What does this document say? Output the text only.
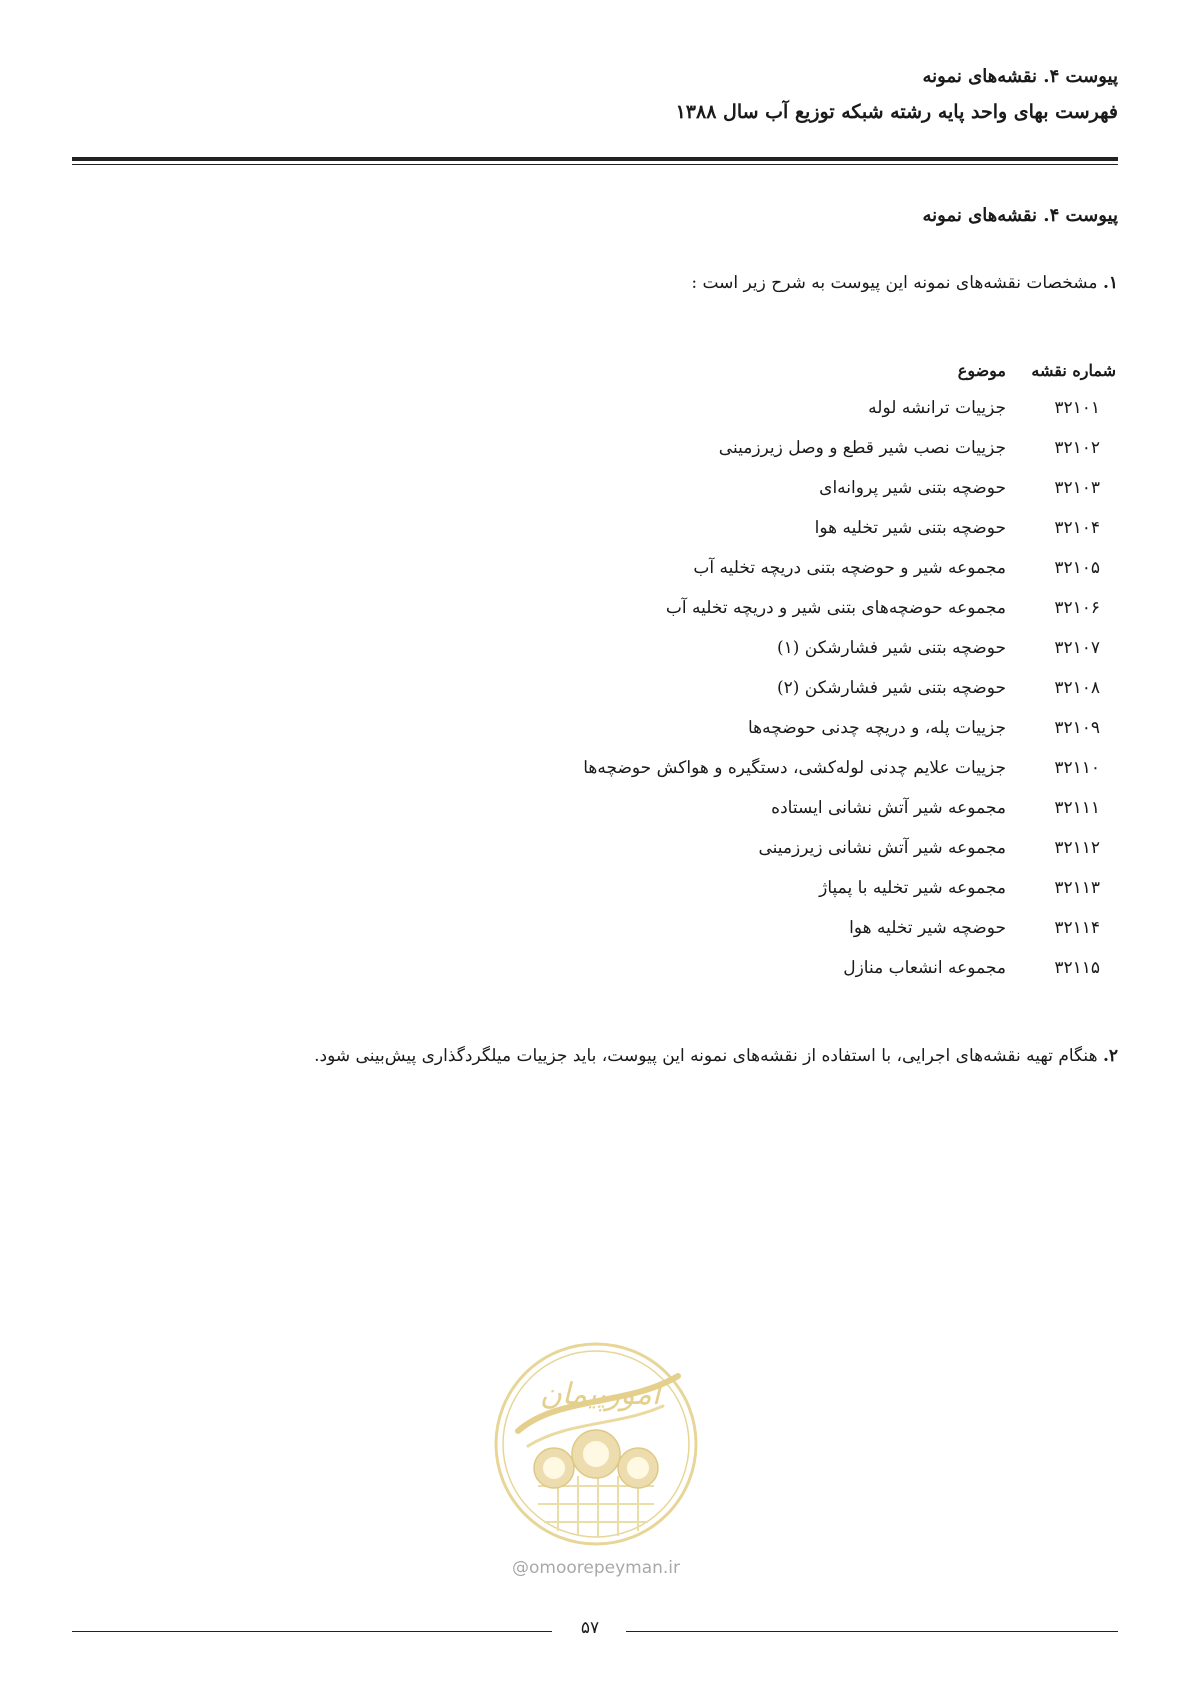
پیوست ۴. نقشه‌های نمونه
فهرست بهای واحد پایه رشته شبکه توزیع آب سال ۱۳۸۸
پیوست ۴. نقشه‌های نمونه
۱. مشخصات نقشه‌های نمونه این پیوست به شرح زیر است :
شماره نقشه	موضوع
۳۲۱۰۱	جزییات ترانشه لوله
۳۲۱۰۲	جزییات نصب شیر قطع و وصل زیرزمینی
۳۲۱۰۳	حوضچه بتنی شیر پروانه‌ای
۳۲۱۰۴	حوضچه بتنی شیر تخلیه هوا
۳۲۱۰۵	مجموعه شیر و حوضچه بتنی دریچه تخلیه آب
۳۲۱۰۶	مجموعه حوضچه‌های بتنی شیر و دریچه تخلیه آب
۳۲۱۰۷	حوضچه بتنی شیر فشارشکن (۱)
۳۲۱۰۸	حوضچه بتنی شیر فشارشکن (۲)
۳۲۱۰۹	جزییات پله، و دریچه چدنی حوضچه‌ها
۳۲۱۱۰	جزییات علایم چدنی لوله‌کشی، دستگیره و هواکش حوضچه‌ها
۳۲۱۱۱	مجموعه شیر آتش نشانی ایستاده
۳۲۱۱۲	مجموعه شیر آتش نشانی زیرزمینی
۳۲۱۱۳	مجموعه شیر تخلیه با پمپاژ
۳۲۱۱۴	حوضچه شیر تخلیه هوا
۳۲۱۱۵	مجموعه انشعاب منازل
۲. هنگام تهیه نقشه‌های اجرایی، با استفاده از نقشه‌های نمونه این پیوست، باید جزییات میلگردگذاری پیش‌بینی شود.
امورپیمان
@omoorepeyman.ir
۵۷
